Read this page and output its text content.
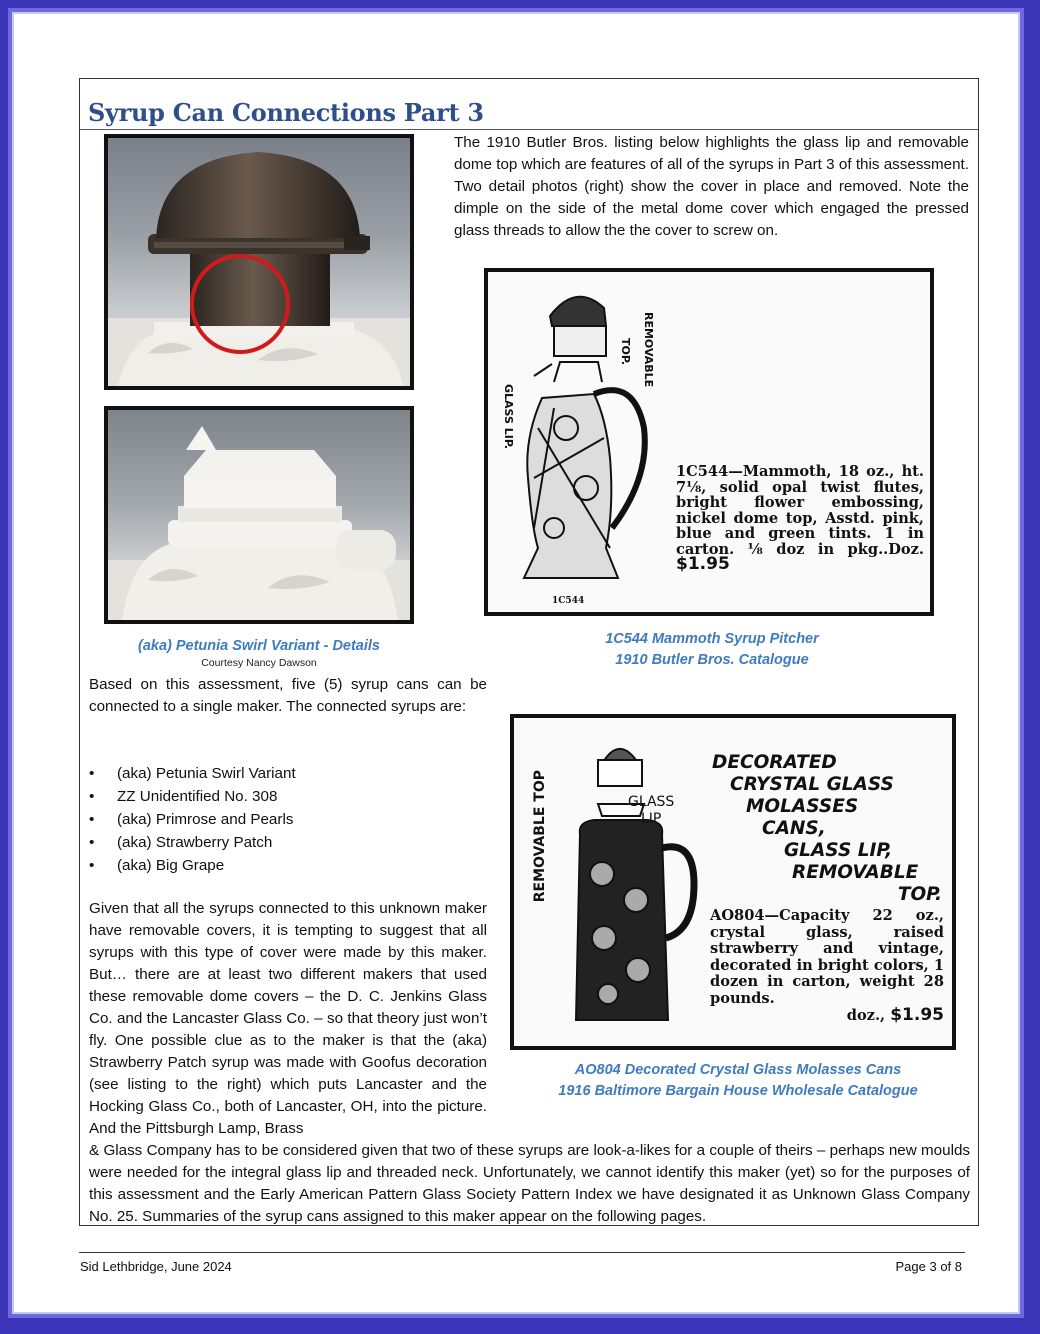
Syrup Can Connections Part 3

The 1910 Butler Bros. listing below highlights the glass lip and removable dome top which are features of all of the syrups in Part 3 of this assessment. Two detail photos (right) show the cover in place and removed. Note the dimple on the side of the metal dome cover which engaged the pressed glass threads to allow the the cover to screw on.

REMOVABLE

TOP.

GLASS LIP.

1C544—Mammoth, 18 oz., ht. 7⅛, solid opal twist flutes, bright flower embossing, nickel dome top, Asstd. pink, blue and green tints. 1 in carton. ⅛ doz in pkg..Doz. $1.95

1C544

1C544 Mammoth Syrup Pitcher
1910 Butler Bros. Catalogue

(aka) Petunia Swirl Variant - Details

Courtesy Nancy Dawson

Based on this assessment, five (5) syrup cans can be connected to a single maker. The connected syrups are:

• (aka) Petunia Swirl Variant
• ZZ Unidentified No. 308
• (aka) Primrose and Pearls
• (aka) Strawberry Patch
• (aka) Big Grape	REMOVABLE TOP	GLASS
LIP

DECORATED
CRYSTAL GLASS
MOLASSES
CANS,
GLASS LIP,
REMOVABLE
TOP.

AO804—Capacity 22 oz., crystal glass, raised strawberry and vintage, decorated in bright colors, 1 dozen in carton, weight 28 pounds.

doz., $1.95

AO804 Decorated Crystal Glass Molasses Cans
1916 Baltimore Bargain House Wholesale Catalogue

Given that all the syrups connected to this unknown maker have removable covers, it is tempting to suggest that all syrups with this type of cover were made by this maker. But… there are at least two different makers that used these removable dome covers – the D. C. Jenkins Glass Co. and the Lancaster Glass Co. – so that theory just won’t fly. One possible clue as to the maker is that the (aka) Strawberry Patch syrup was made with Goofus decoration (see listing to the right) which puts Lancaster and the Hocking Glass Co., both of Lancaster, OH, into the picture. And the Pittsburgh Lamp, Brass

& Glass Company has to be considered given that two of these syrups are look-a-likes for a couple of theirs – perhaps new moulds were needed for the integral glass lip and threaded neck. Unfortunately, we cannot identify this maker (yet) so for the purposes of this assessment and the Early American Pattern Glass Society Pattern Index we have designated it as Unknown Glass Company No. 25. Summaries of the syrup cans assigned to this maker appear on the following pages.

Sid Lethbridge, June 2024	Page 3 of 8
